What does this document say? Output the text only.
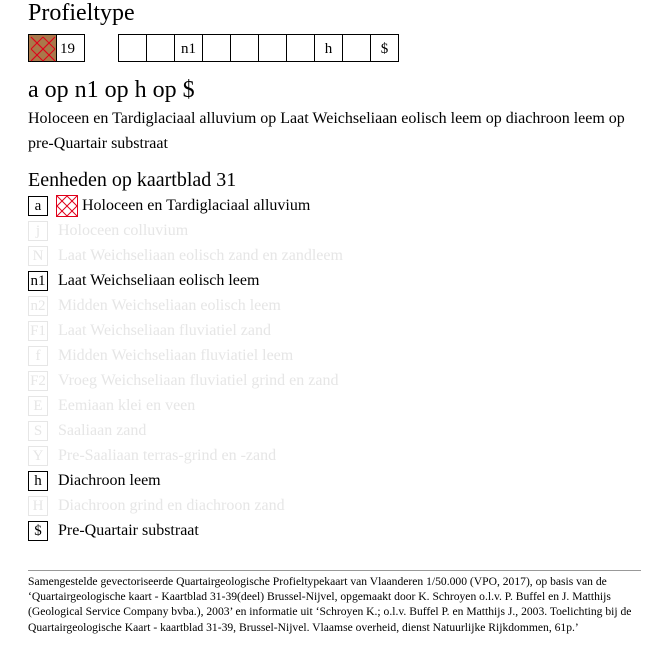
Profieltype
19	n1	h	$
a op n1 op h op $
Holoceen en Tardiglaciaal alluvium op Laat Weichseliaan eolisch leem op diachroon leem op pre-Quartair substraat
Eenheden op kaartblad 31
a	Holoceen en Tardiglaciaal alluvium
j	Holoceen colluvium
N Laat Weichseliaan eolisch zand en zandleem
n1 Laat Weichseliaan eolisch leem
n2 Midden Weichseliaan eolisch leem
F1 Laat Weichseliaan fluviatiel zand
f	Midden Weichseliaan fluviatiel leem
F2 Vroeg Weichseliaan fluviatiel grind en zand
E Eemiaan klei en veen
S Saaliaan zand
Y Pre-Saaliaan terras-grind en -zand
h	Diachroon leem
H Diachroon grind en diachroon zand
$	Pre-Quartair substraat
Samengestelde gevectoriseerde Quartairgeologische Profieltypekaart van Vlaanderen 1/50.000 (VPO, 2017), op basis van de ‘Quartairgeologische kaart - Kaartblad 31-39(deel) Brussel-Nijvel, opgemaakt door K. Schroyen o.l.v. P. Buffel en J. Matthijs (Geological Service Company bvba.), 2003’ en informatie uit ‘Schroyen K.; o.l.v. Buffel P. en Matthijs J., 2003. Toelichting bij de Quartairgeologische Kaart - kaartblad 31-39, Brussel-Nijvel. Vlaamse overheid, dienst Natuurlijke Rijkdommen, 61p.’
